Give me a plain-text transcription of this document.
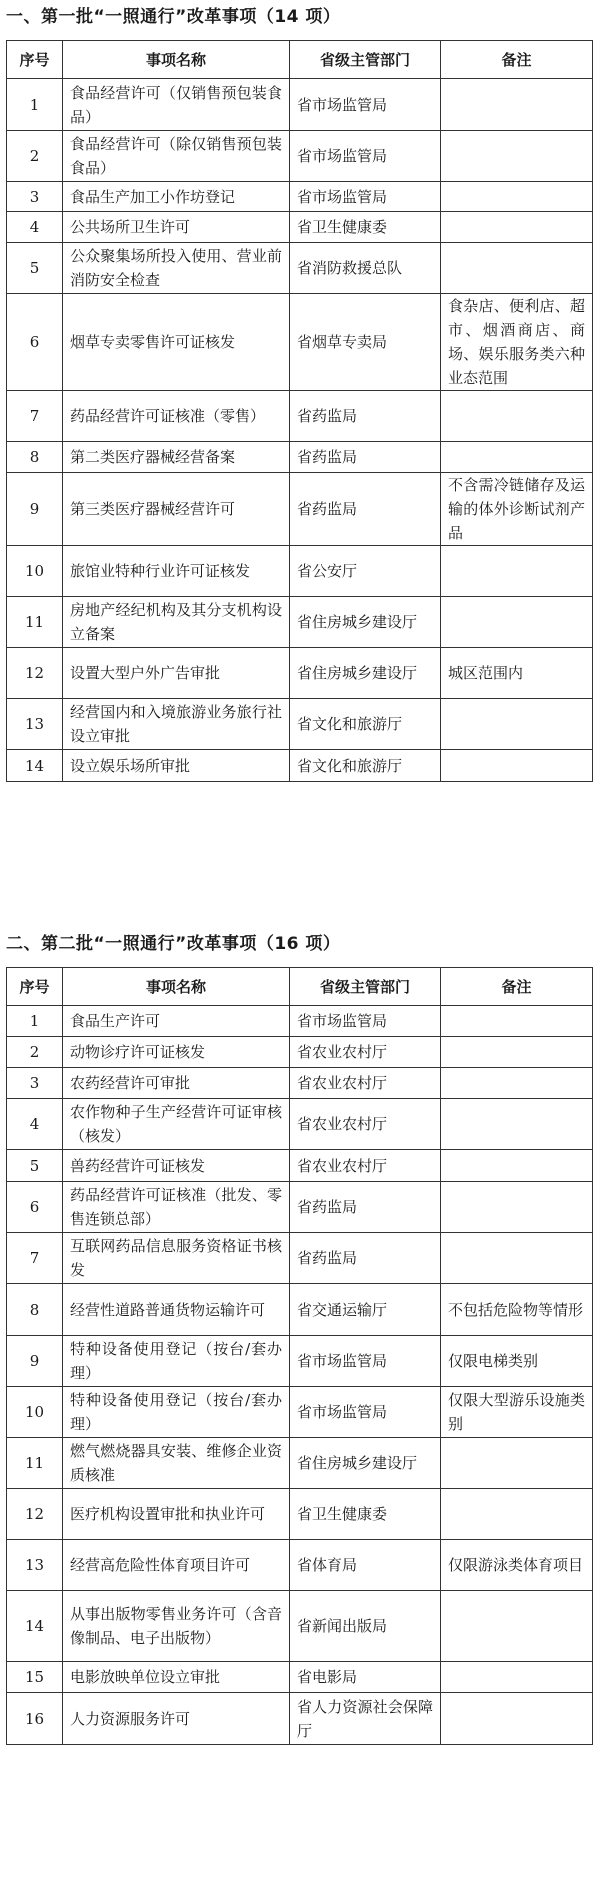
一、第一批“一照通行”改革事项（14 项）
序号	事项名称	省级主管部门	备注
1	食品经营许可（仅销售预包装食品）	省市场监管局	
2	食品经营许可（除仅销售预包装食品）	省市场监管局	
3	食品生产加工小作坊登记	省市场监管局	
4	公共场所卫生许可	省卫生健康委	
5	公众聚集场所投入使用、营业前消防安全检查	省消防救援总队	
6	烟草专卖零售许可证核发	省烟草专卖局	食杂店、便利店、超市、烟酒商店、商场、娱乐服务类六种业态范围
7	药品经营许可证核准（零售）	省药监局	
8	第二类医疗器械经营备案	省药监局	
9	第三类医疗器械经营许可	省药监局	不含需冷链储存及运输的体外诊断试剂产品
10	旅馆业特种行业许可证核发	省公安厅	
11	房地产经纪机构及其分支机构设立备案	省住房城乡建设厅	
12	设置大型户外广告审批	省住房城乡建设厅	城区范围内
13	经营国内和入境旅游业务旅行社设立审批	省文化和旅游厅	
14	设立娱乐场所审批	省文化和旅游厅	
二、第二批“一照通行”改革事项（16 项）
序号	事项名称	省级主管部门	备注
1	食品生产许可	省市场监管局	
2	动物诊疗许可证核发	省农业农村厅	
3	农药经营许可审批	省农业农村厅	
4	农作物种子生产经营许可证审核（核发）	省农业农村厅	
5	兽药经营许可证核发	省农业农村厅	
6	药品经营许可证核准（批发、零售连锁总部）	省药监局	
7	互联网药品信息服务资格证书核发	省药监局	
8	经营性道路普通货物运输许可	省交通运输厅	不包括危险物等情形
9	特种设备使用登记（按台/套办理）	省市场监管局	仅限电梯类别
10	特种设备使用登记（按台/套办理）	省市场监管局	仅限大型游乐设施类别
11	燃气燃烧器具安装、维修企业资质核准	省住房城乡建设厅	
12	医疗机构设置审批和执业许可	省卫生健康委	
13	经营高危险性体育项目许可	省体育局	仅限游泳类体育项目
14	从事出版物零售业务许可（含音像制品、电子出版物）	省新闻出版局	
15	电影放映单位设立审批	省电影局	
16	人力资源服务许可	省人力资源社会保障厅	
